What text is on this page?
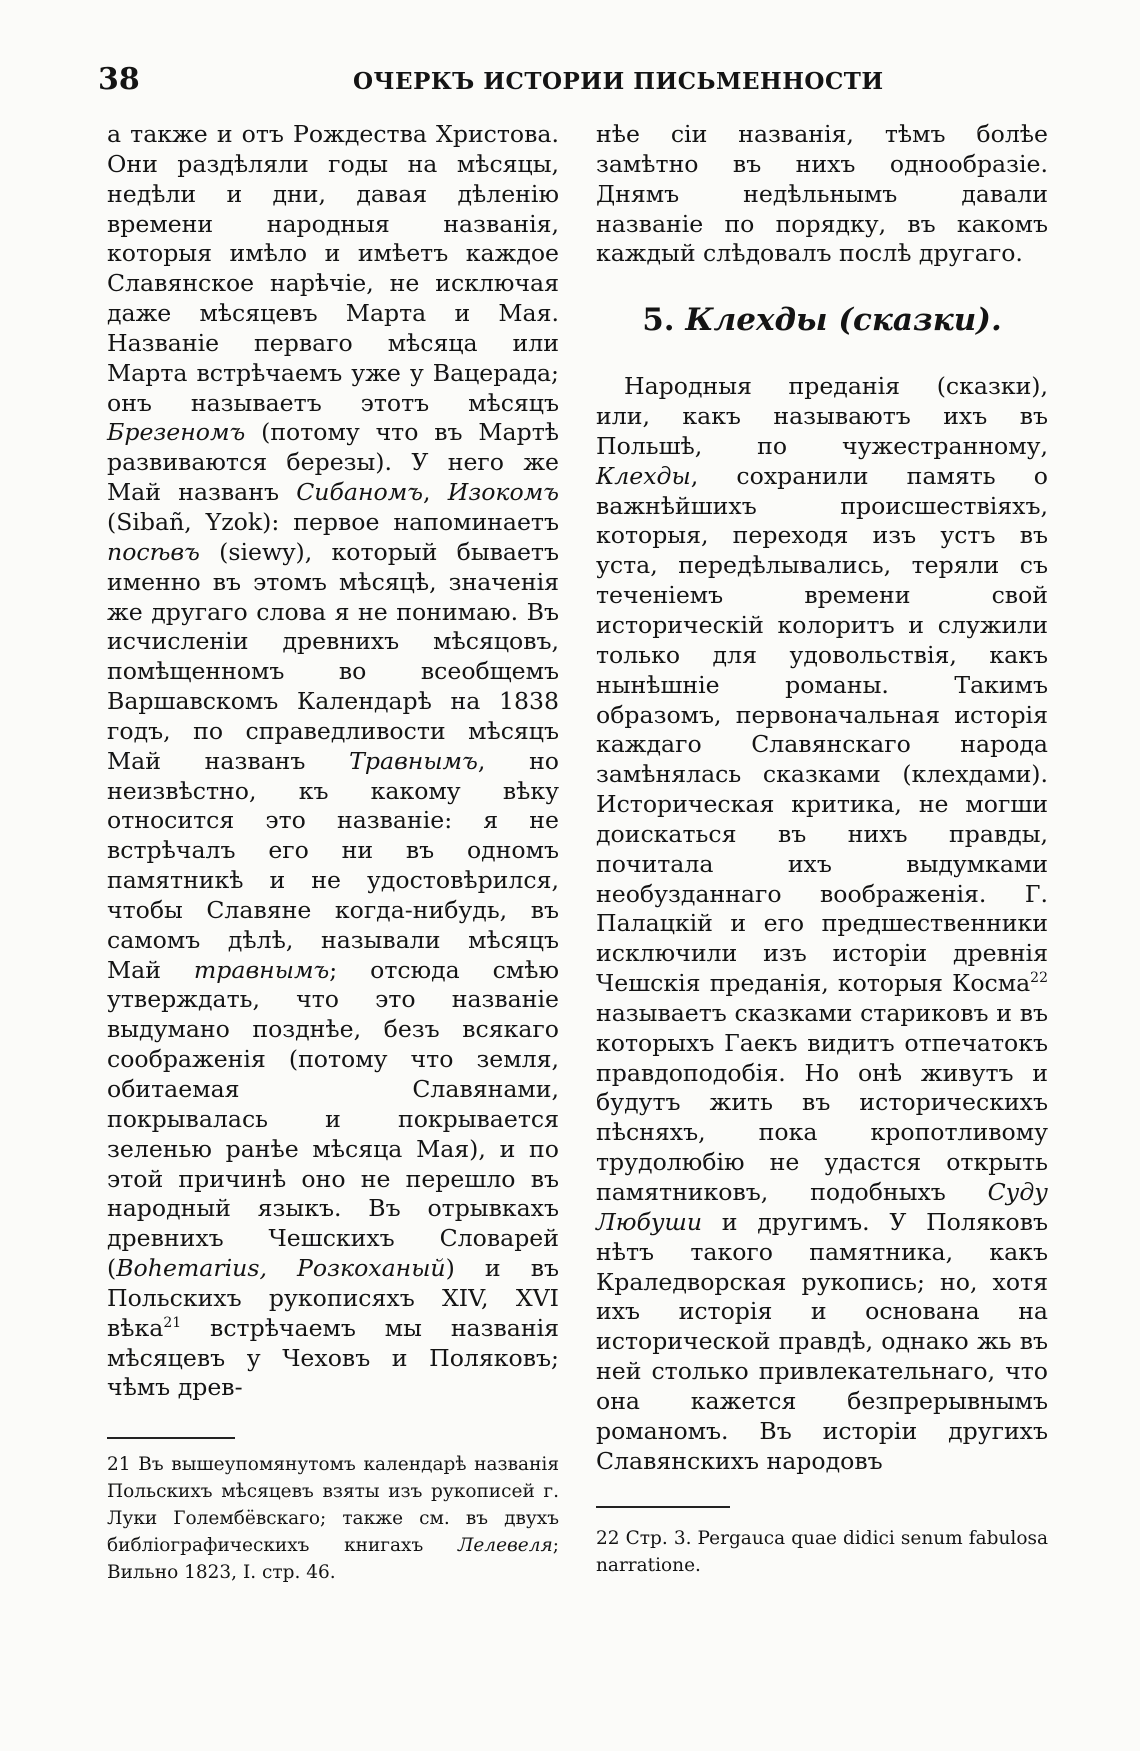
38	ОЧЕРКЪ ИСТОРИИ ПИСЬМЕННОСТИ

а также и отъ Рождества Христова. Они раздѣляли годы на мѣсяцы, недѣли и дни, давая дѣленію времени народныя названія, которыя имѣло и имѣетъ каждое Славянское нарѣчіе, не исключая даже мѣсяцевъ Марта и Мая. Названіе перваго мѣсяца или Марта встрѣчаемъ уже у Вацерада; онъ называетъ этотъ мѣсяцъ Брезеномъ (потому что въ Мартѣ развиваются березы). У него же Май названъ Сибаномъ, Изокомъ (Sibañ, Yzok): первое напоминаетъ посѣвъ (siewy), который бываетъ именно въ этомъ мѣсяцѣ, значенія же другаго слова я не понимаю. Въ исчисленіи древнихъ мѣсяцовъ, помѣщенномъ во всеобщемъ Варшавскомъ Календарѣ на 1838 годъ, по справедливости мѣсяцъ Май названъ Травнымъ, но неизвѣстно, къ какому вѣку относится это названіе: я не встрѣчалъ его ни въ одномъ памятникѣ и не удостовѣрился, чтобы Славяне когда-нибудь, въ самомъ дѣлѣ, называли мѣсяцъ Май травнымъ; отсюда смѣю утверждать, что это названіе выдумано позднѣе, безъ всякаго соображенія (потому что земля, обитаемая Славянами, покрывалась и покрывается зеленью ранѣе мѣсяца Мая), и по этой причинѣ оно не перешло въ народный языкъ. Въ отрывкахъ древнихъ Чешскихъ Словарей (Bohemarius, Розкоханый) и въ Польскихъ рукописяхъ XIV, XVI вѣка$^{21}$ встрѣчаемъ мы названія мѣсяцевъ у Чеховъ и Поляковъ; чѣмъ древ-

нѣе сіи названія, тѣмъ болѣе замѣтно въ нихъ однообразіе. Днямъ недѣльнымъ давали названіе по порядку, въ какомъ каждый слѣдовалъ послѣ другаго.

5. Клехды (сказки).

Народныя преданія (сказки), или, какъ называютъ ихъ въ Польшѣ, по чужестранному, Клехды, сохранили память о важнѣйшихъ происшествіяхъ, которыя, переходя изъ устъ въ уста, передѣлывались, теряли съ теченіемъ времени свой историческій колоритъ и служили только для удовольствія, какъ нынѣшніе романы. Такимъ образомъ, первоначальная исторія каждаго Славянскаго народа замѣнялась сказками (клехдами). Историческая критика, не могши доискаться въ нихъ правды, почитала ихъ выдумками необузданнаго воображенія. Г. Палацкій и его предшественники исключили изъ исторіи древнія Чешскія преданія, которыя Косма$^{22}$ называетъ сказками стариковъ и въ которыхъ Гаекъ видитъ отпечатокъ правдоподобія. Но онѣ живутъ и будутъ жить въ историческихъ пѣсняхъ, пока кропотливому трудолюбію не удастся открыть памятниковъ, подобныхъ Суду Любуши и другимъ. У Поляковъ нѣтъ такого памятника, какъ Краледворская рукопись; но, хотя ихъ исторія и основана на исторической правдѣ, однако жь въ ней столько привлекательнаго, что она кажется безпрерывнымъ романомъ. Въ исторіи другихъ Славянскихъ народовъ

21 Въ вышеупомянутомъ календарѣ названія Польскихъ мѣсяцевъ взяты изъ рукописей г. Луки Голембёвскаго; также см. въ двухъ библіографическихъ книгахъ Лелевеля; Вильно 1823, I. стр. 46.
22 Стр. 3. Pergauca quae didici senum fabulosa narratione.
